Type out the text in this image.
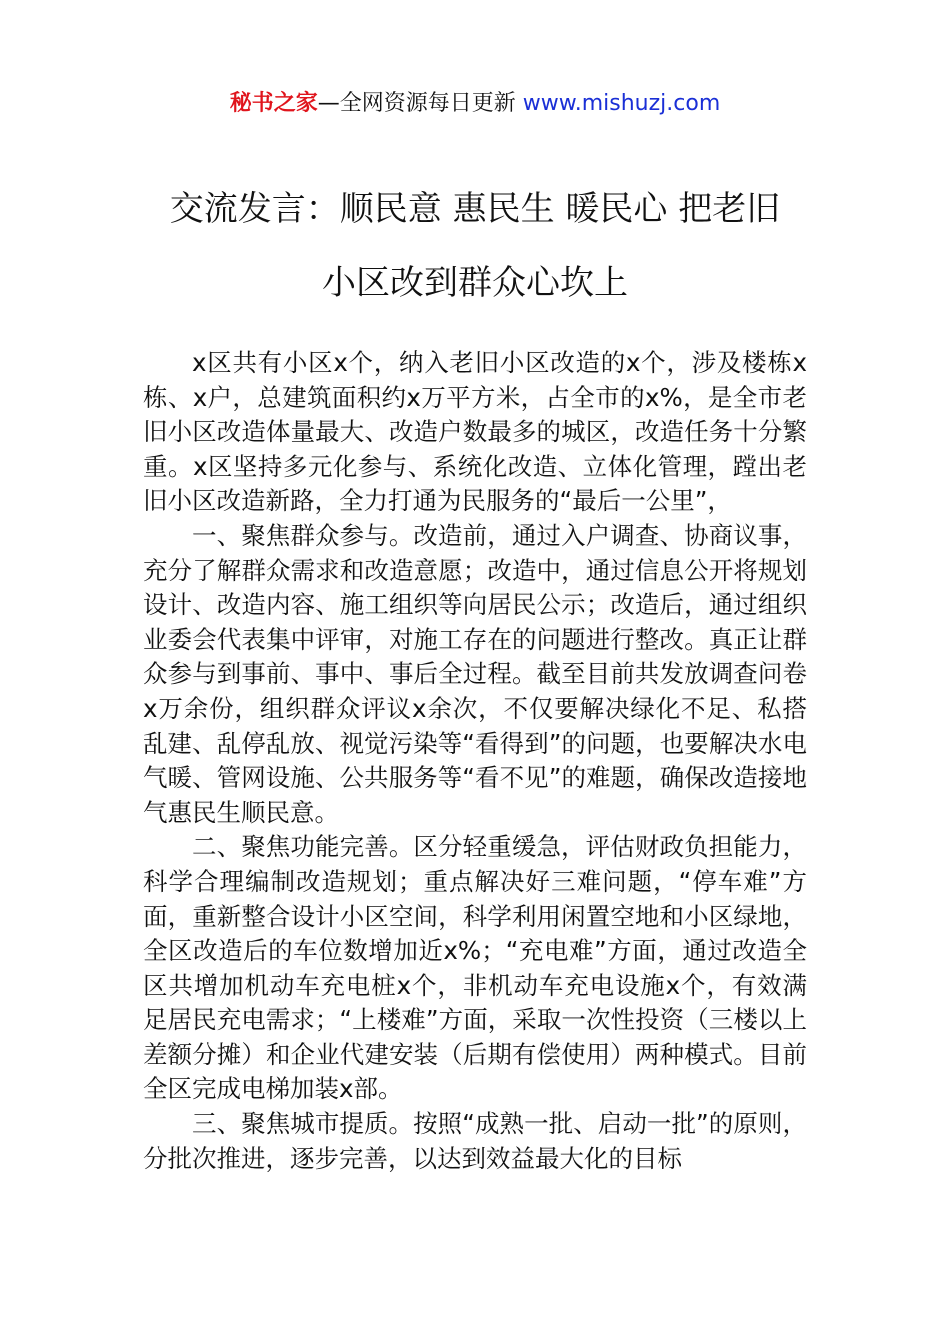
秘书之家—全网资源每日更新 www.mishuzj.com
交流发言：顺民意 惠民生 暖民心 把老旧
小区改到群众心坎上

x区共有小区x个，纳入老旧小区改造的x个，涉及楼栋x栋、x户，总建筑面积约x万平方米，占全市的x%，是全市老旧小区改造体量最大、改造户数最多的城区，改造任务十分繁重。x区坚持多元化参与、系统化改造、立体化管理，蹚出老旧小区改造新路，全力打通为民服务的“最后一公里”，

一、聚焦群众参与。改造前，通过入户调查、协商议事，充分了解群众需求和改造意愿；改造中，通过信息公开将规划设计、改造内容、施工组织等向居民公示；改造后，通过组织业委会代表集中评审，对施工存在的问题进行整改。真正让群众参与到事前、事中、事后全过程。截至目前共发放调查问卷x万余份，组织群众评议x余次，不仅要解决绿化不足、私搭乱建、乱停乱放、视觉污染等“看得到”的问题，也要解决水电气暖、管网设施、公共服务等“看不见”的难题，确保改造接地气惠民生顺民意。

二、聚焦功能完善。区分轻重缓急，评估财政负担能力，科学合理编制改造规划；重点解决好三难问题，“停车难”方面，重新整合设计小区空间，科学利用闲置空地和小区绿地，全区改造后的车位数增加近x%；“充电难”方面，通过改造全区共增加机动车充电桩x个，非机动车充电设施x个，有效满足居民充电需求；“上楼难”方面，采取一次性投资（三楼以上差额分摊）和企业代建安装（后期有偿使用）两种模式。目前全区完成电梯加装x部。

三、聚焦城市提质。按照“成熟一批、启动一批”的原则，分批次推进，逐步完善，以达到效益最大化的目标
